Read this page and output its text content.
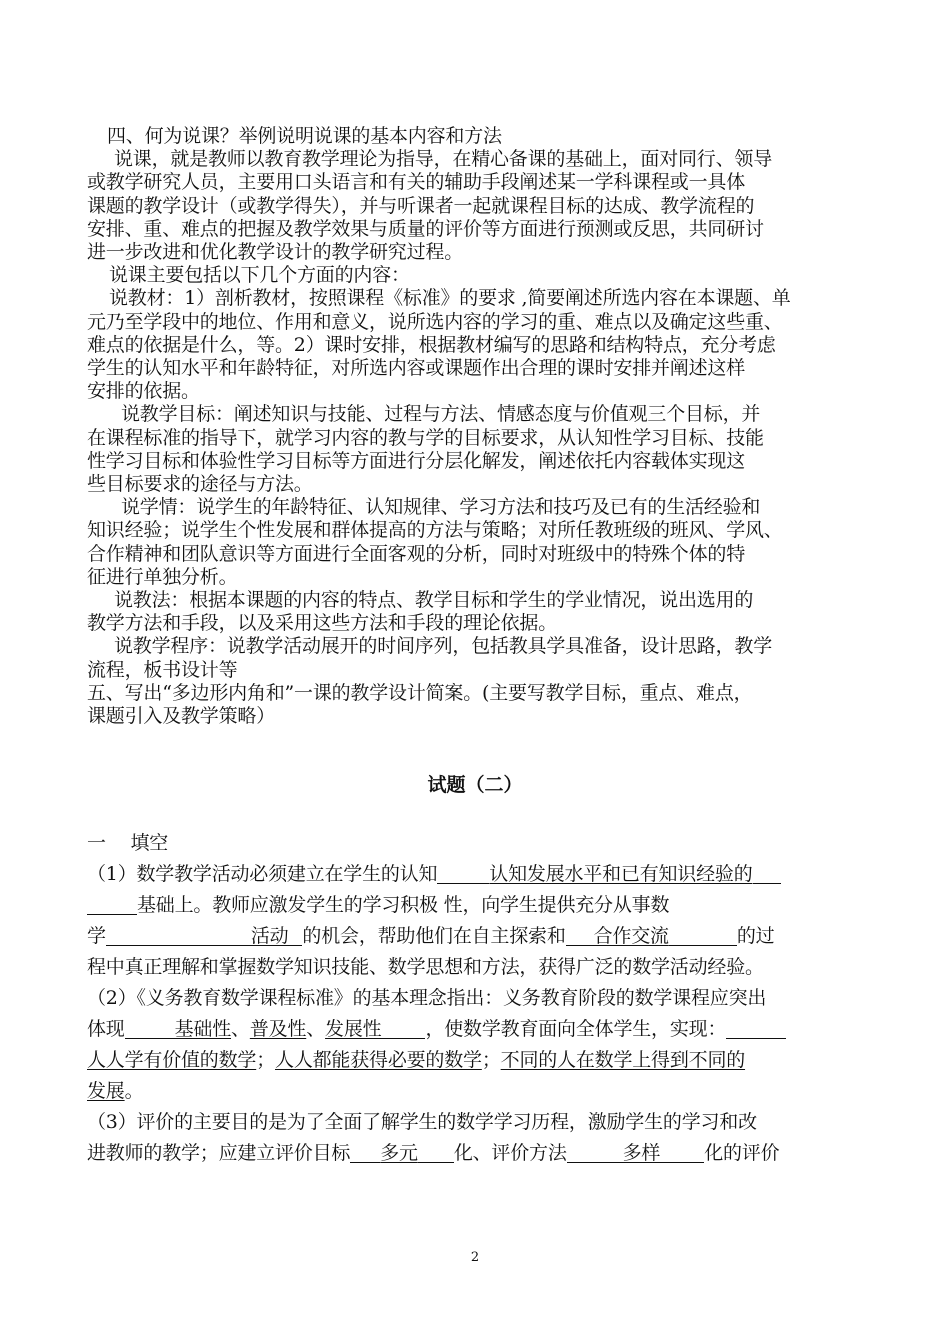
四、何为说课？举例说明说课的基本内容和方法

说课，就是教师以教育教学理论为指导，在精心备课的基础上，面对同行、领导

或教学研究人员，主要用口头语言和有关的辅助手段阐述某一学科课程或一具体

课题的教学设计（或教学得失），并与听课者一起就课程目标的达成、教学流程的

安排、重、难点的把握及教学效果与质量的评价等方面进行预测或反思，共同研讨

进一步改进和优化教学设计的教学研究过程。

说课主要包括以下几个方面的内容：

说教材：1）剖析教材，按照课程《标准》的要求 ,简要阐述所选内容在本课题、单

元乃至学段中的地位、作用和意义，说所选内容的学习的重、难点以及确定这些重、

难点的依据是什么，等。2）课时安排，根据教材编写的思路和结构特点，充分考虑

学生的认知水平和年龄特征，对所选内容或课题作出合理的课时安排并阐述这样

安排的依据。

说教学目标：阐述知识与技能、过程与方法、情感态度与价值观三个目标，并

在课程标准的指导下，就学习内容的教与学的目标要求，从认知性学习目标、技能

性学习目标和体验性学习目标等方面进行分层化解发，阐述依托内容载体实现这

些目标要求的途径与方法。

说学情：说学生的年龄特征、认知规律、学习方法和技巧及已有的生活经验和

知识经验；说学生个性发展和群体提高的方法与策略；对所任教班级的班风、学风、

合作精神和团队意识等方面进行全面客观的分析，同时对班级中的特殊个体的特

征进行单独分析。

说教法：根据本课题的内容的特点、教学目标和学生的学业情况，说出选用的

教学方法和手段，以及采用这些方法和手段的理论依据。

说教学程序：说教学活动展开的时间序列，包括教具学具准备，设计思路，教学

流程，板书设计等

五、写出“多边形内角和”一课的教学设计简案。(主要写教学目标，重点、难点，

课题引入及教学策略）

试题（二）

一　 填空

（1）数学教学活动必须建立在学生的认知	认知发展水平和已有知识经验的

基础上。教师应激发学生的学习积极 性，向学生提供充分从事数

学	活动 的机会，帮助他们在自主探索和 合作交流	的过

程中真正理解和掌握数学知识技能、数学思想和方法，获得广泛的数学活动经验。

（2）《义务教育数学课程标准》的基本理念指出：义务教育阶段的数学课程应突出

体现	基础性、普及性、发展性 ，使数学教育面向全体学生，实现：

人人学有价值的数学；人人都能获得必要的数学；不同的人在数学上得到不同的

发展。

（3）评价的主要目的是为了全面了解学生的数学学习历程，激励学生的学习和改

进教师的教学；应建立评价目标 多元 化、评价方法	多样 化的评价

2
